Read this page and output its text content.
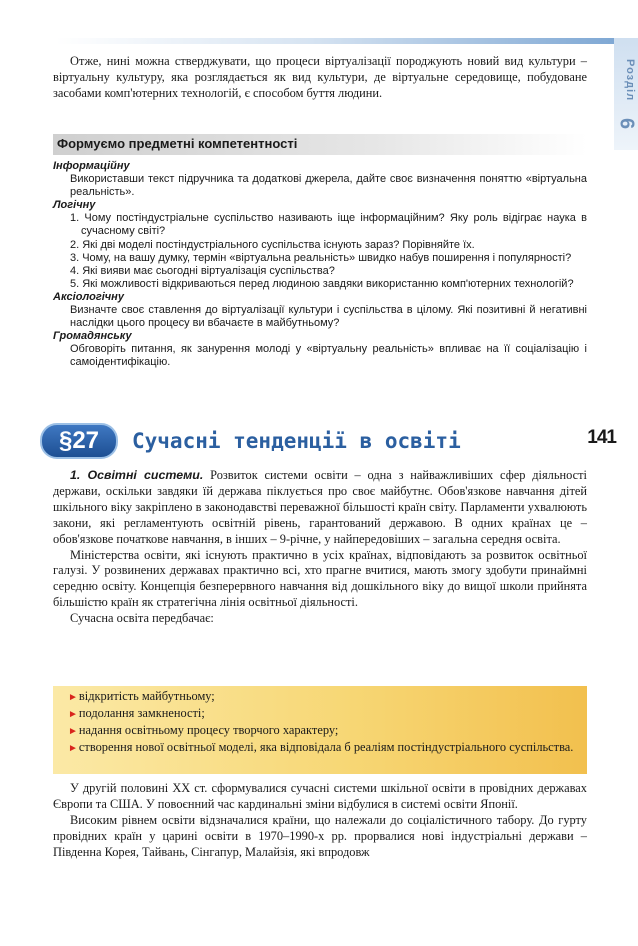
Розділ
6
141

Отже, нині можна стверджувати, що процеси віртуалізації породжують новий вид культури – віртуальну культуру, яка розглядається як вид культури, де віртуальне середовище, побудоване засобами комп'ютерних технологій, є способом буття людини.

Формуємо предметні компетентності

Інформаційну

Використавши текст підручника та додаткові джерела, дайте своє визначення поняттю «віртуальна реальність».

Логічну

1. Чому постіндустріальне суспільство називають іще інформаційним? Яку роль відіграє наука в сучасному світі?

2. Які дві моделі постіндустріального суспільства існують зараз? Порівняйте їх.

3. Чому, на вашу думку, термін «віртуальна реальність» швидко набув поширення і популярності?

4. Які вияви має сьогодні віртуалізація суспільства?

5. Які можливості відкриваються перед людиною завдяки використанню комп'ютерних технологій?

Аксіологічну

Визначте своє ставлення до віртуалізації культури і суспільства в цілому. Які позитивні й негативні наслідки цього процесу ви вбачаєте в майбутньому?

Громадянську

Обговоріть питання, як занурення молоді у «віртуальну реальність» впливає на її соціалізацію і самоідентифікацію.

§27	Сучасні тенденції в освіті

1. Освітні системи. Розвиток системи освіти – одна з найважливіших сфер діяльності держави, оскільки завдяки їй держава піклується про своє майбутнє. Обов'язкове навчання дітей шкільного віку закріплено в законодавстві переважної більшості країн світу. Парламенти ухвалюють закони, які регламентують освітній рівень, гарантований державою. В одних країнах це – обов'язкове початкове навчання, в інших – 9-річне, у найпередовіших – загальна середня освіта.

Міністерства освіти, які існують практично в усіх країнах, відповідають за розвиток освітньої галузі. У розвинених державах практично всі, хто прагне вчитися, мають змогу здобути принаймні середню освіту. Концепція безперервного навчання від дошкільного віку до вищої школи прийнята більшістю країн як стратегічна лінія освітньої діяльності.

Сучасна освіта передбачає:

►відкритість майбутньому;

►подолання замкненості;

►надання освітньому процесу творчого характеру;

►створення нової освітньої моделі, яка відповідала б реаліям постіндустріального суспільства.

У другій половині XX ст. сформувалися сучасні системи шкільної освіти в провідних державах Європи та США. У повоєнний час кардинальні зміни відбулися в системі освіти Японії.

Високим рівнем освіти відзначалися країни, що належали до соціалістичного табору. До гурту провідних країн у царині освіти в 1970–1990-х рр. прорвалися нові індустріальні держави – Південна Корея, Тайвань, Сінгапур, Малайзія, які впродовж
